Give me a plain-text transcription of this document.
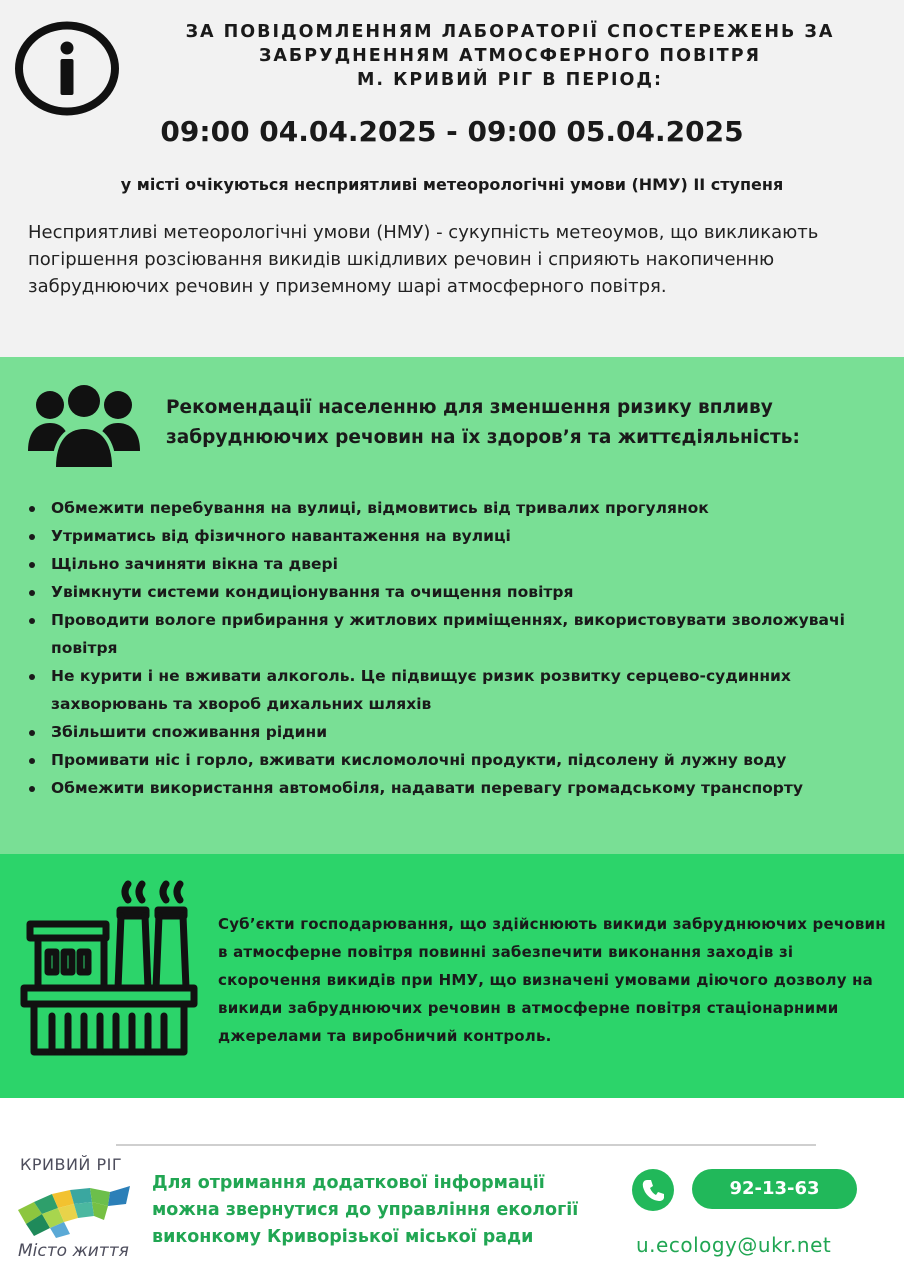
ЗА ПОВІДОМЛЕННЯМ ЛАБОРАТОРІЇ СПОСТЕРЕЖЕНЬ ЗА
ЗАБРУДНЕННЯМ АТМОСФЕРНОГО ПОВІТРЯ
М. КРИВИЙ РІГ В ПЕРІОД:
09:00 04.04.2025 - 09:00 05.04.2025
у місті очікуються несприятливі метеорологічні умови (НМУ) ІІ ступеня

Несприятливі метеорологічні умови (НМУ) - сукупність метеоумов, що викликають погіршення розсіювання викидів шкідливих речовин і сприяють накопиченню забруднюючих речовин у приземному шарі атмосферного повітря.

Рекомендації населенню для зменшення ризику впливу забруднюючих речовин на їх здоров’я та життєдіяльність:
Обмежити перебування на вулиці, відмовитись від тривалих прогулянок
Утриматись від фізичного навантаження на вулиці
Щільно зачиняти вікна та двері
Увімкнути системи кондиціонування та очищення повітря
Проводити вологе прибирання у житлових приміщеннях, використовувати зволожувачі повітря
Не курити і не вживати алкоголь. Це підвищує ризик розвитку серцево-судинних захворювань та хвороб дихальних шляхів
Збільшити споживання рідини
Промивати ніс і горло, вживати кисломолочні продукти, підсолену й лужну воду
Обмежити використання автомобіля, надавати перевагу громадському транспорту

Суб’єкти господарювання, що здійснюють викиди забруднюючих речовин в атмосферне повітря повинні забезпечити виконання заходів зі скорочення викидів при НМУ, що визначені умовами діючого дозволу на викиди забруднюючих речовин в атмосферне повітря стаціонарними джерелами та виробничий контроль.

КРИВИЙ РІГ
Місто життя

Для отримання додаткової інформації можна звернутися до управління екології виконкому Криворізької міської ради

92-13-63
u.ecology@ukr.net
